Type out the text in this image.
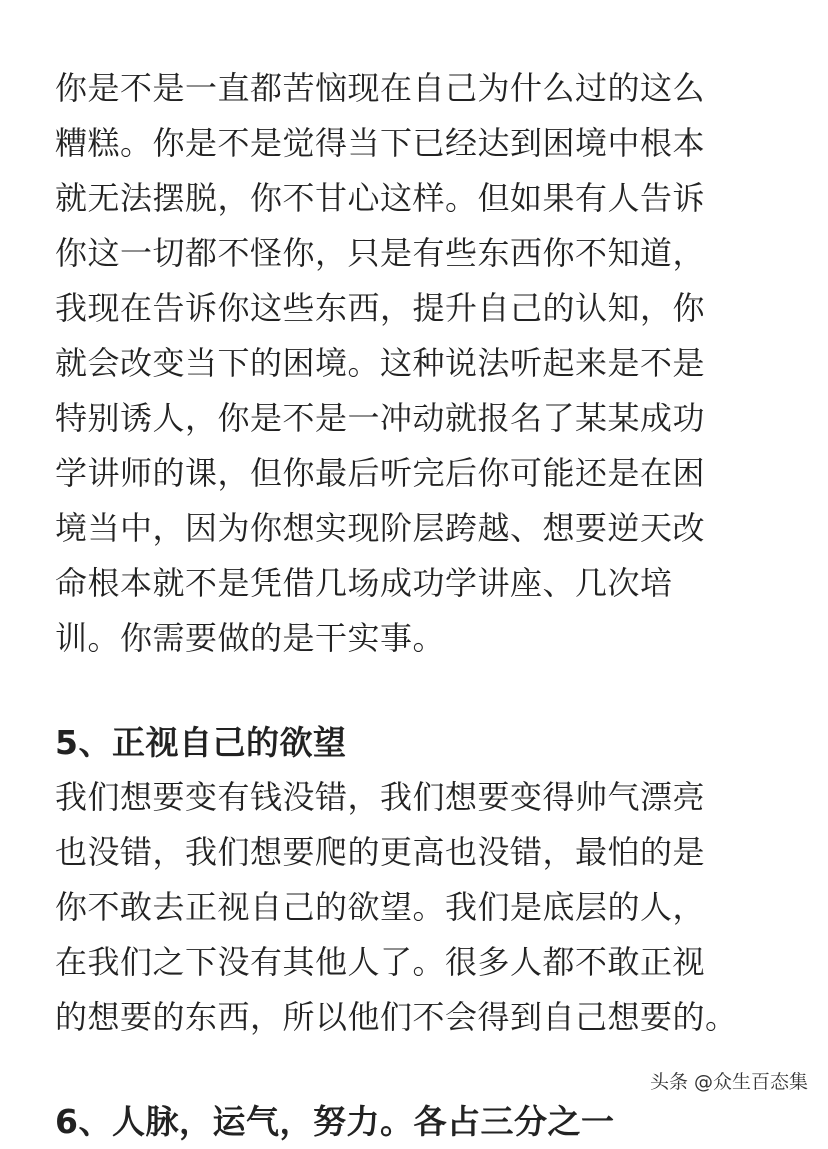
你是不是一直都苦恼现在自己为什么过的这么
糟糕。你是不是觉得当下已经达到困境中根本
就无法摆脱，你不甘心这样。但如果有人告诉
你这一切都不怪你，只是有些东西你不知道，
我现在告诉你这些东西，提升自己的认知，你
就会改变当下的困境。这种说法听起来是不是
特别诱人，你是不是一冲动就报名了某某成功
学讲师的课，但你最后听完后你可能还是在困
境当中，因为你想实现阶层跨越、想要逆天改
命根本就不是凭借几场成功学讲座、几次培
训。你需要做的是干实事。
5、正视自己的欲望
我们想要变有钱没错，我们想要变得帅气漂亮
也没错，我们想要爬的更高也没错，最怕的是
你不敢去正视自己的欲望。我们是底层的人，
在我们之下没有其他人了。很多人都不敢正视
的想要的东西，所以他们不会得到自己想要的。
6、人脉，运气，努力。各占三分之一
头条 @众生百态集
